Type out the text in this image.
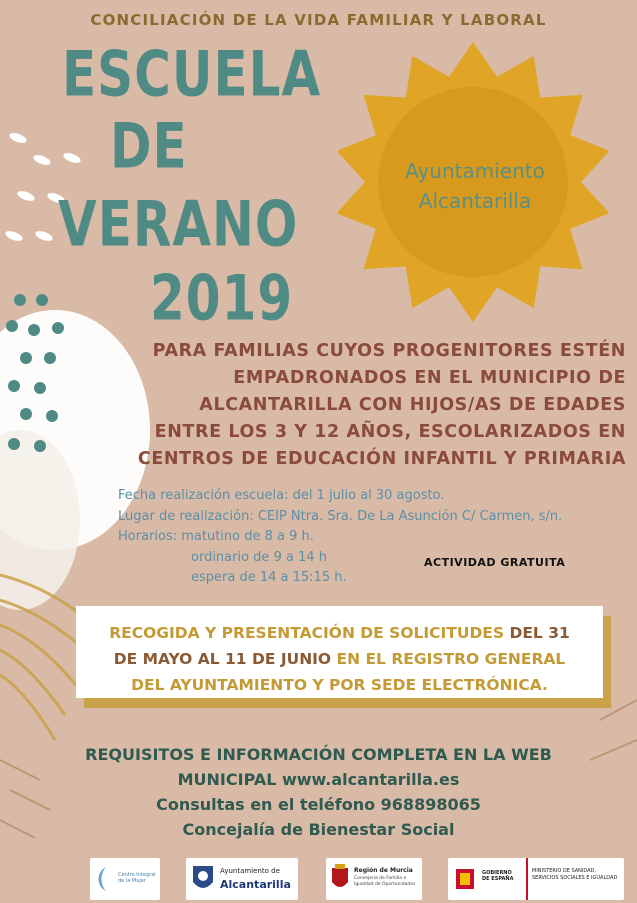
CONCILIACIÓN DE LA VIDA FAMILIAR Y LABORAL
ESCUELA
DE
VERANO
2019
Ayuntamiento
Alcantarilla
PARA FAMILIAS CUYOS PROGENITORES ESTÉN
EMPADRONADOS EN EL MUNICIPIO DE
ALCANTARILLA CON HIJOS/AS DE EDADES
ENTRE LOS 3 Y 12 AÑOS, ESCOLARIZADOS EN
CENTROS DE EDUCACIÓN INFANTIL Y PRIMARIA
Fecha realización escuela: del 1 julio al 30 agosto.
Lugar de realización: CEIP Ntra. Sra. De La Asunción C/ Carmen, s/n.
Horarios: matutino de 8 a 9 h.
ordinario de 9 a 14 h
espera de 14 a 15:15 h.
ACTIVIDAD GRATUITA
RECOGIDA Y PRESENTACIÓN DE SOLICITUDES DEL 31
DE MAYO AL 11 DE JUNIO EN EL REGISTRO GENERAL
DEL AYUNTAMIENTO Y POR SEDE ELECTRÓNICA.
REQUISITOS E INFORMACIÓN COMPLETA EN LA WEB
MUNICIPAL www.alcantarilla.es
Consultas en el teléfono 968898065
Concejalía de Bienestar Social
Centro Integral de la Mujer
Ayuntamiento de
Alcantarilla
Región de Murcia
Consejería de Familia e Igualdad de Oportunidades
GOBIERNO DE ESPAÑA
MINISTERIO DE SANIDAD, SERVICIOS SOCIALES E IGUALDAD
